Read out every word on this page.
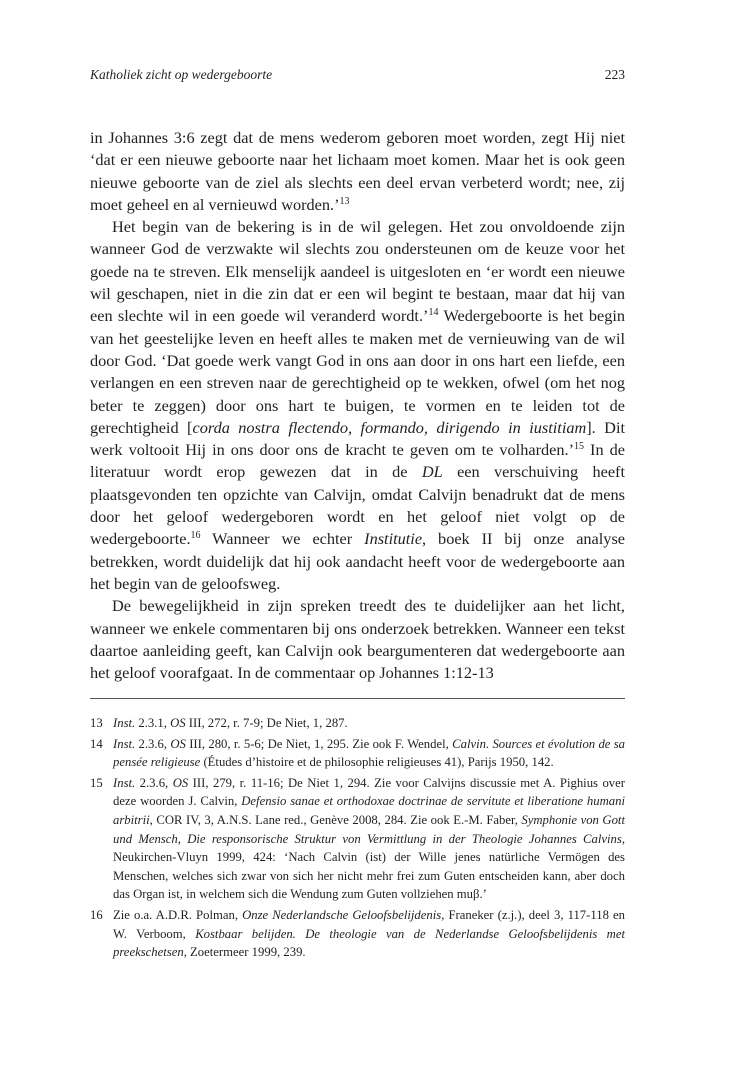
Katholiek zicht op wedergeboorte	223

in Johannes 3:6 zegt dat de mens wederom geboren moet worden, zegt Hij niet ‘dat er een nieuwe geboorte naar het lichaam moet komen. Maar het is ook geen nieuwe geboorte van de ziel als slechts een deel ervan verbeterd wordt; nee, zij moet geheel en al vernieuwd worden.’$^{13}$

Het begin van de bekering is in de wil gelegen. Het zou onvoldoende zijn wanneer God de verzwakte wil slechts zou ondersteunen om de keuze voor het goede na te streven. Elk menselijk aandeel is uitgesloten en ‘er wordt een nieuwe wil geschapen, niet in die zin dat er een wil begint te bestaan, maar dat hij van een slechte wil in een goede wil veranderd wordt.’$^{14}$ Wedergeboorte is het begin van het geestelijke leven en heeft alles te maken met de vernieuwing van de wil door God. ‘Dat goede werk vangt God in ons aan door in ons hart een liefde, een verlangen en een streven naar de gerechtigheid op te wekken, ofwel (om het nog beter te zeggen) door ons hart te buigen, te vormen en te leiden tot de gerechtigheid [corda nostra flectendo, formando, dirigendo in iustitiam]. Dit werk voltooit Hij in ons door ons de kracht te geven om te volharden.’$^{15}$ In de literatuur wordt erop gewezen dat in de DL een verschuiving heeft plaatsgevonden ten opzichte van Calvijn, omdat Calvijn benadrukt dat de mens door het geloof wedergeboren wordt en het geloof niet volgt op de wedergeboorte.$^{16}$ Wanneer we echter Institutie, boek II bij onze analyse betrekken, wordt duidelijk dat hij ook aandacht heeft voor de wedergeboorte aan het begin van de geloofsweg.

De bewegelijkheid in zijn spreken treedt des te duidelijker aan het licht, wanneer we enkele commentaren bij ons onderzoek betrekken. Wanneer een tekst daartoe aanleiding geeft, kan Calvijn ook beargumenteren dat wedergeboorte aan het geloof voorafgaat. In de commentaar op Johannes 1:12-13

13 Inst. 2.3.1, OS III, 272, r. 7-9; De Niet, 1, 287.
14 Inst. 2.3.6, OS III, 280, r. 5-6; De Niet, 1, 295. Zie ook F. Wendel, Calvin. Sources et évolution de sa pensée religieuse (Études d’histoire et de philosophie religieuses 41), Parijs 1950, 142.
15 Inst. 2.3.6, OS III, 279, r. 11-16; De Niet 1, 294. Zie voor Calvijns discussie met A. Pighius over deze woorden J. Calvin, Defensio sanae et orthodoxae doctrinae de servitute et liberatione humani arbitrii, COR IV, 3, A.N.S. Lane red., Genève 2008, 284. Zie ook E.-M. Faber, Symphonie von Gott und Mensch, Die responsorische Struktur von Vermittlung in der Theologie Johannes Calvins, Neukirchen-Vluyn 1999, 424: ‘Nach Calvin (ist) der Wille jenes natürliche Vermögen des Menschen, welches sich zwar von sich her nicht mehr frei zum Guten entscheiden kann, aber doch das Organ ist, in welchem sich die Wendung zum Guten vollziehen muβ.’
16 Zie o.a. A.D.R. Polman, Onze Nederlandsche Geloofsbelijdenis, Franeker (z.j.), deel 3, 117-118 en W. Verboom, Kostbaar belijden. De theologie van de Nederlandse Geloofsbelijdenis met preekschetsen, Zoetermeer 1999, 239.
